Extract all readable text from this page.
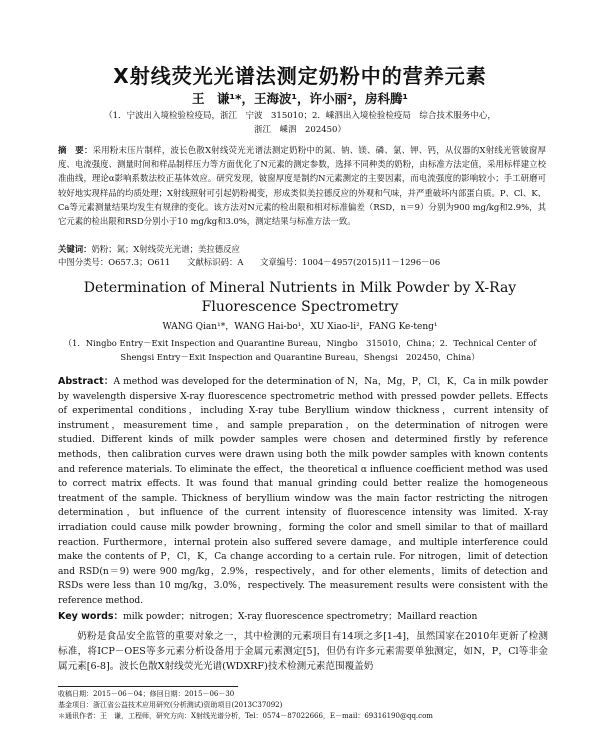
X射线荧光光谱法测定奶粉中的营养元素
王　谦¹*，王海波¹，许小丽²，房科腾¹
（1．宁波出入境检验检疫局，浙江　宁波　315010；2．嵊泗出入境检验检疫局　综合技术服务中心，
浙江　嵊泗　202450）
摘　要：采用粉末压片制样，波长色散X射线荧光光谱法测定奶粉中的氮、钠、镁、磷、氯、钾、钙，从仪器的X射线光管铍窗厚度、电流强度、测量时间和样品制样压力等方面优化了N元素的测定参数，选择不同种类的奶粉，由标准方法定值，采用标样建立校准曲线，理论α影响系数法校正基体效应。研究发现，铍窗厚度是制约N元素测定的主要因素，而电流强度的影响较小；手工研磨可较好地实现样品的均质处理；X射线照射可引起奶粉褐变，形成类似美拉德反应的外观和气味，并严重破坏内部蛋白质。P、Cl、K、Ca等元素测量结果均发生有规律的变化。该方法对N元素的检出限和相对标准偏差（RSD，n＝9）分别为900 mg/kg和2.9%，其它元素的检出限和RSD分别小于10 mg/kg和3.0%，测定结果与标准方法一致。
关键词：奶粉；氮；X射线荧光光谱；美拉德反应
中图分类号：O657.3；O611　　文献标识码：A　　文章编号：1004－4957(2015)11－1296－06
Determination of Mineral Nutrients in Milk Powder by X-Ray
Fluorescence Spectrometry
WANG Qian¹*，WANG Hai-bo¹，XU Xiao-li²，FANG Ke-teng¹
（1．Ningbo Entry－Exit Inspection and Quarantine Bureau，Ningbo　315010，China；2．Technical Center of
Shengsi Entry－Exit Inspection and Quarantine Bureau，Shengsi　202450，China）
Abstract：A method was developed for the determination of N，Na，Mg，P，Cl，K，Ca in milk powder by wavelength dispersive X-ray fluorescence spectrometric method with pressed powder pellets. Effects of experimental conditions，including X-ray tube Beryllium window thickness，current intensity of instrument，measurement time，and sample preparation，on the determination of nitrogen were studied. Different kinds of milk powder samples were chosen and determined firstly by reference methods，then calibration curves were drawn using both the milk powder samples with known contents and reference materials. To eliminate the effect，the theoretical α influence coefficient method was used to correct matrix effects. It was found that manual grinding could better realize the homogeneous treatment of the sample. Thickness of beryllium window was the main factor restricting the nitrogen determination，but influence of the current intensity of fluorescence intensity was limited. X-ray irradiation could cause milk powder browning，forming the color and smell similar to that of maillard reaction. Furthermore，internal protein also suffered severe damage，and multiple interference could make the contents of P，Cl，K，Ca change according to a certain rule. For nitrogen，limit of detection and RSD(n＝9) were 900 mg/kg，2.9%，respectively，and for other elements，limits of detection and RSDs were less than 10 mg/kg，3.0%，respectively. The measurement results were consistent with the reference method.
Key words：milk powder；nitrogen；X-ray fluorescence spectrometry；Maillard reaction
奶粉是食品安全监管的重要对象之一，其中检测的元素项目有14项之多[1-4]，虽然国家在2010年更新了检测标准，将ICP－OES等多元素分析设备用于金属元素测定[5]，但仍有许多元素需要单独测定，如N，P，Cl等非金属元素[6-8]。波长色散X射线荧光光谱(WDXRF)技术检测元素范围覆盖奶
收稿日期：2015－06－04；修回日期：2015－06－30
基金项目：浙江省公益技术应用研究(分析测试)资助项目(2013C37092)
＊通讯作者：王　谦，工程师，研究方向：X射线光谱分析，Tel：0574－87022666，E－mail：69316190@qq.com
